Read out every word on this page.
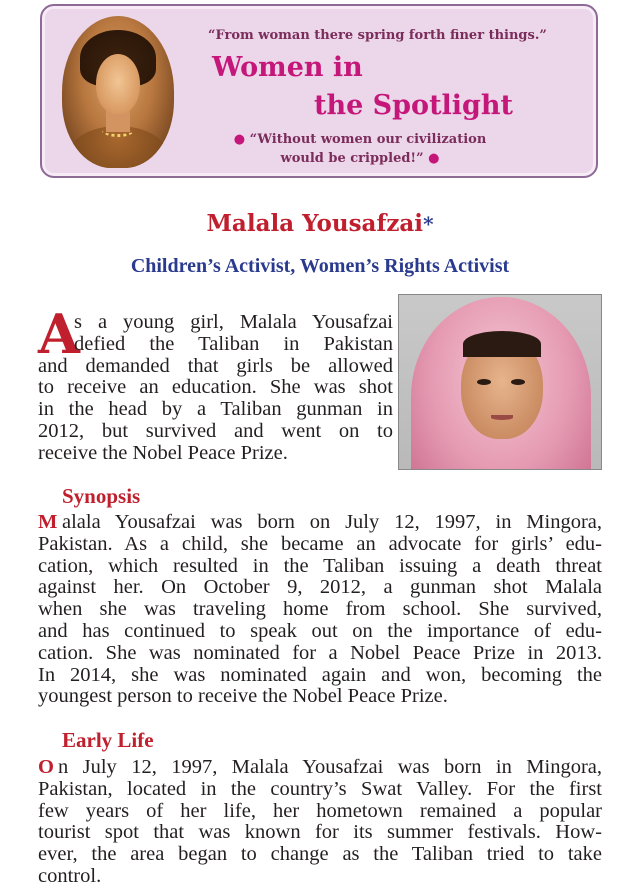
“From woman there spring forth finer things.”
Women in
the Spotlight
● “Without women our civilization
would be crippled!” ●
Malala Yousafzai*
Children’s Activist, Women’s Rights Activist
A
s a young girl, Malala Yousafzai
defied the Taliban in Pakistan
and demanded that girls be allowed
to receive an education. She was shot
in the head by a Taliban gunman in
2012, but survived and went on to
receive the Nobel Peace Prize.
Synopsis
M alala Yousafzai was born on July 12, 1997, in Mingora,
Pakistan. As a child, she became an advocate for girls’ edu-
cation, which resulted in the Taliban issuing a death threat
against her. On October 9, 2012, a gunman shot Malala
when she was traveling home from school. She survived,
and has continued to speak out on the importance of edu-
cation. She was nominated for a Nobel Peace Prize in 2013.
In 2014, she was nominated again and won, becoming the
youngest person to receive the Nobel Peace Prize.
Early Life
O n July 12, 1997, Malala Yousafzai was born in Mingora,
Pakistan, located in the country’s Swat Valley. For the first
few years of her life, her hometown remained a popular
tourist spot that was known for its summer festivals. How-
ever, the area began to change as the Taliban tried to take
control.
